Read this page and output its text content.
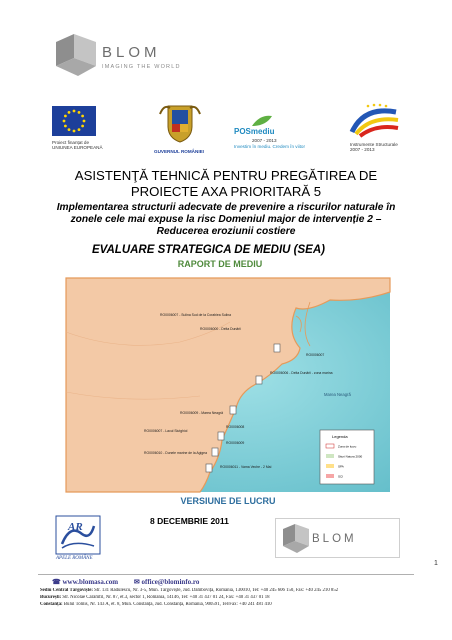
BLOM
IMAGING THE WORLD
Proiect finanțat de UNIUNEA EUROPEANĂ
GUVERNUL ROMÂNIEI
POSmediu
2007 - 2013
Investim în mediu. Credem în viitor	Instrumente Structurale 2007 - 2013
ASISTENŢĂ TEHNICĂ PENTRU PREGĂTIREA DE
PROIECTE AXA PRIORITARĂ 5
Implementarea structurii adecvate de prevenire a riscurilor naturale în zonele cele mai expuse la risc Domeniul major de intervenție 2 – Reducerea eroziunii costiere
EVALUARE STRATEGICA DE MEDIU (SEA)
RAPORT DE MEDIU
RO0006007 - Sulina Sud de la Corabiea Sulina
RO0006000 - Delta Dunării
RO0006007
RO0006006 - Delta Dunării - zona marina
RO0006009 - Marea Neagră
RO0006007 - Lacul Siutghiol
RO0006008
RO0006009
RO0006010 - Dunele marine de la Agigea
RO0006011 - Vama Veche - 2 Mai
Marea Neagră
Legenda
Zona de lucru
Situri Natura 2000
SPA
SCI
VERSIUNE DE LUCRU
8 DECEMBRIE 2011
AR
APELE ROMÂNE
BLOM
1
☎ www.blomasa.com ✉ office@blominfo.ro
Sediu Central Târgoviște: Str. 131 Rădulescu, Nr. 3-5, Mun. Târgoviște, Jud. Dâmbovița, România, 130010, Tel: +40 245 606 150, Fax: +40 245 210 852
București: Str. Nicolae Caramfil, Nr. 87, et.3, sector 1, România, 14146, Tel: +40 31 437 01 24, Fax: +40 31 437 01 18
Constanța: Bulul Tomis, Nr. 143 A, et. 8, Mun. Constanța, Jud. Constanța, România, 900591, Tel/Fax: +40 241 481 410
